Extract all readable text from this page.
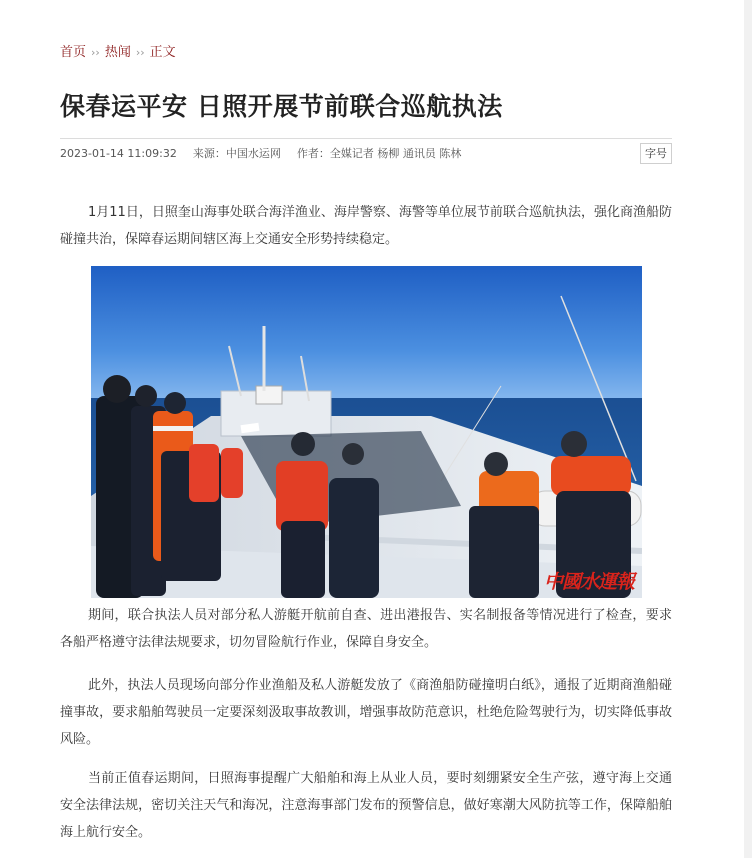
首页 ›› 热闻 ›› 正文
保春运平安 日照开展节前联合巡航执法
2023-01-14 11:09:32 来源：中国水运网 作者：全媒记者 杨柳 通讯员 陈林	字号

1月11日，日照奎山海事处联合海洋渔业、海岸警察、海警等单位展节前联合巡航执法，强化商渔船防碰撞共治，保障春运期间辖区海上交通安全形势持续稳定。

中國水運報

期间，联合执法人员对部分私人游艇开航前自查、进出港报告、实名制报备等情况进行了检查，要求各船严格遵守法律法规要求，切勿冒险航行作业，保障自身安全。

此外，执法人员现场向部分作业渔船及私人游艇发放了《商渔船防碰撞明白纸》，通报了近期商渔船碰撞事故，要求船舶驾驶员一定要深刻汲取事故教训，增强事故防范意识，杜绝危险驾驶行为，切实降低事故风险。

当前正值春运期间，日照海事提醒广大船舶和海上从业人员，要时刻绷紧安全生产弦，遵守海上交通安全法律法规，密切关注天气和海况，注意海事部门发布的预警信息，做好寒潮大风防抗等工作，保障船舶海上航行安全。
